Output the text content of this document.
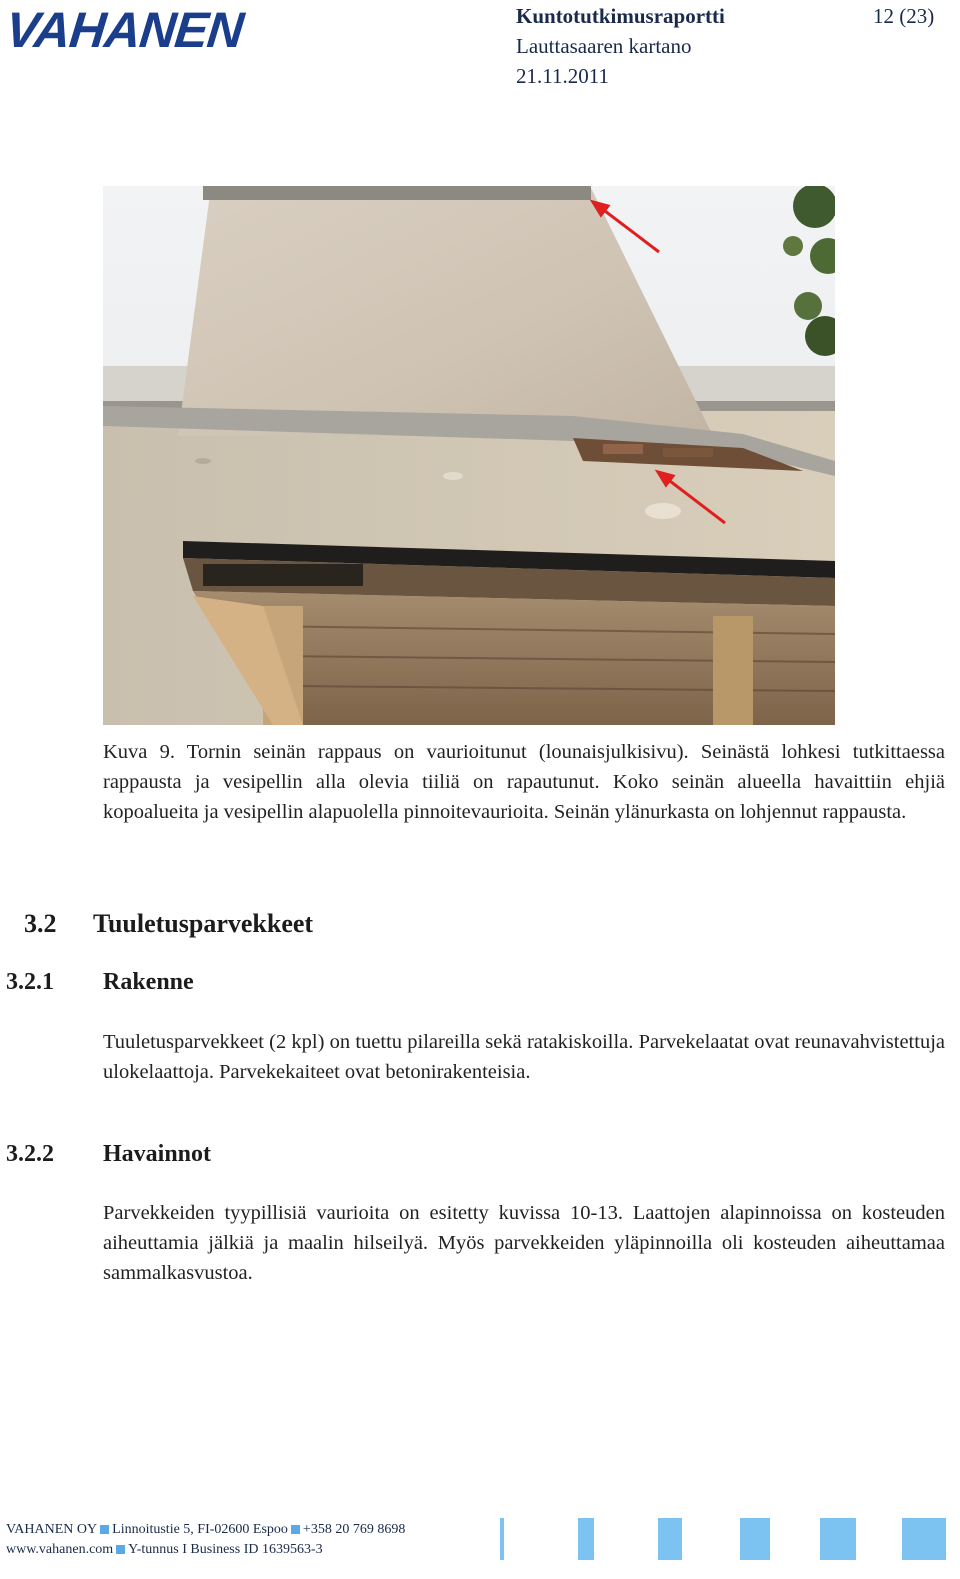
VAHANEN	Kuntotutkimusraportti	12 (23)
Lauttasaaren kartano
21.11.2011
Kuva 9. Tornin seinän rappaus on vaurioitunut (lounaisjulkisivu). Seinästä lohkesi tutkittaessa rappausta ja vesipellin alla olevia tiiliä on rapautunut. Koko seinän alueella havaittiin ehjiä kopoalueita ja vesipellin alapuolella pinnoitevaurioita. Seinän ylänurkasta on lohjennut rappausta.
3.2 Tuuletusparvekkeet
3.2.1 Rakenne
Tuuletusparvekkeet (2 kpl) on tuettu pilareilla sekä ratakiskoilla. Parvekelaatat ovat reunavahvistettuja ulokelaattoja. Parvekekaiteet ovat betonirakenteisia.
3.2.2 Havainnot
Parvekkeiden tyypillisiä vaurioita on esitetty kuvissa 10-13. Laattojen alapinnoissa on kosteuden aiheuttamia jälkiä ja maalin hilseilyä. Myös parvekkeiden yläpinnoilla oli kosteuden aiheuttamaa sammalkasvustoa.
VAHANEN OY Linnoitustie 5, FI-02600 Espoo +358 20 769 8698
www.vahanen.com Y-tunnus I Business ID 1639563-3
